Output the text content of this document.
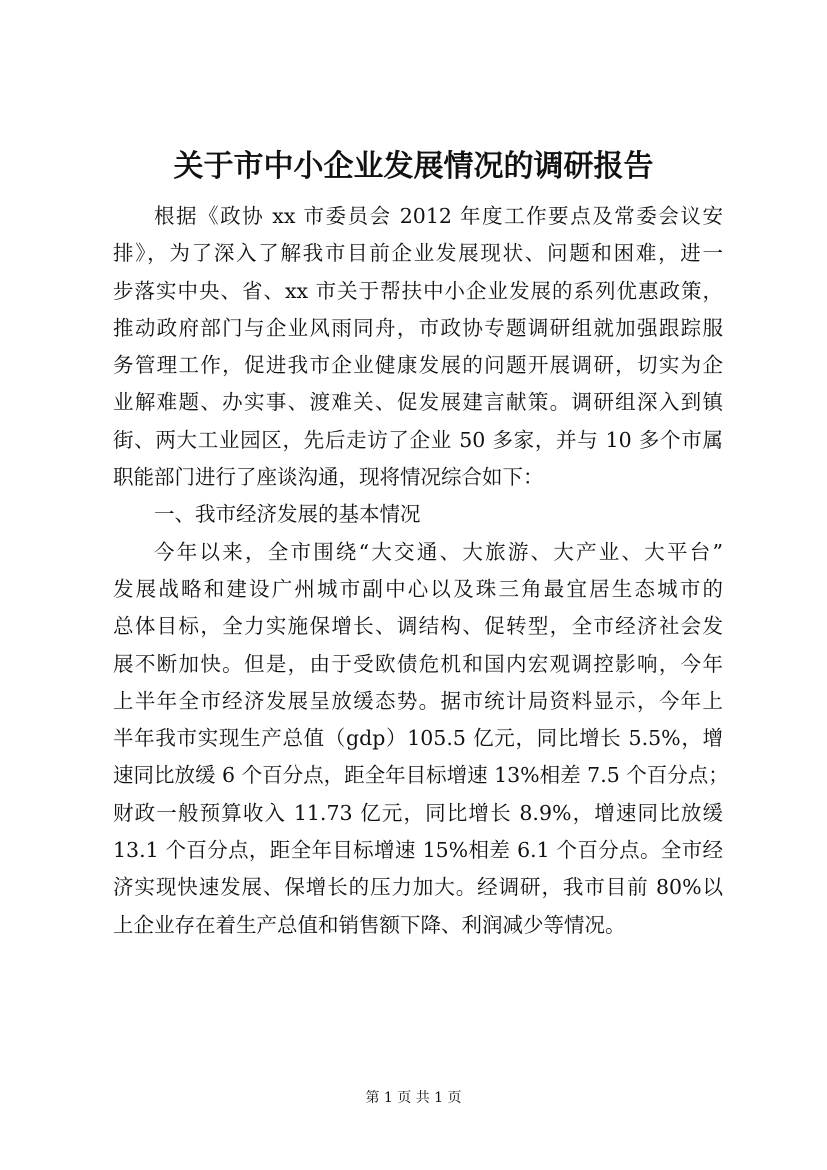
关于市中小企业发展情况的调研报告
根据《政协 xx 市委员会 2012 年度工作要点及常委会议安
排》，为了深入了解我市目前企业发展现状、问题和困难，进一
步落实中央、省、xx 市关于帮扶中小企业发展的系列优惠政策，
推动政府部门与企业风雨同舟，市政协专题调研组就加强跟踪服
务管理工作，促进我市企业健康发展的问题开展调研，切实为企
业解难题、办实事、渡难关、促发展建言献策。调研组深入到镇
街、两大工业园区，先后走访了企业 50 多家，并与 10 多个市属
职能部门进行了座谈沟通，现将情况综合如下：
一、我市经济发展的基本情况
今年以来，全市围绕“大交通、大旅游、大产业、大平台”
发展战略和建设广州城市副中心以及珠三角最宜居生态城市的
总体目标，全力实施保增长、调结构、促转型，全市经济社会发
展不断加快。但是，由于受欧债危机和国内宏观调控影响，今年
上半年全市经济发展呈放缓态势。据市统计局资料显示，今年上
半年我市实现生产总值（gdp）105.5 亿元，同比增长 5.5%，增
速同比放缓 6 个百分点，距全年目标增速 13%相差 7.5 个百分点；
财政一般预算收入 11.73 亿元，同比增长 8.9%，增速同比放缓
13.1 个百分点，距全年目标增速 15%相差 6.1 个百分点。全市经
济实现快速发展、保增长的压力加大。经调研，我市目前 80%以
上企业存在着生产总值和销售额下降、利润减少等情况。
第 1 页 共 1 页
